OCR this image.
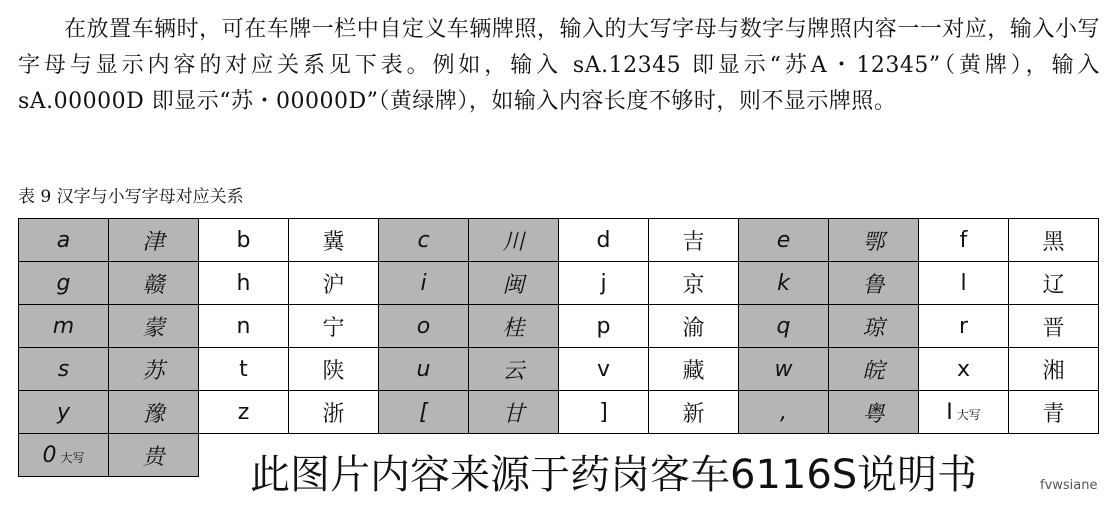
在放置车辆时，可在车牌一栏中自定义车辆牌照，输入的大写字母与数字与牌照内容一一对应，输入小写字母与显示内容的对应关系见下表。例如，输入 sA.12345 即显示“苏A・12345”（黄牌），输入 sA.00000D 即显示“苏・00000D”（黄绿牌），如输入内容长度不够时，则不显示牌照。

表 9 汉字与小写字母对应关系
a	津	b	冀	c	川	d	吉	e	鄂	f	黑
g	赣	h	沪	i	闽	j	京	k	鲁	l	辽
m	蒙	n	宁	o	桂	p	渝	q	琼	r	晋
s	苏	t	陕	u	云	v	藏	w	皖	x	湘
y	豫	z	浙	[	甘	]	新	,	粤	I 大写	青
0 大写	贵										此图片内容来源于药岗客车6116S说明书	fvwsiane
